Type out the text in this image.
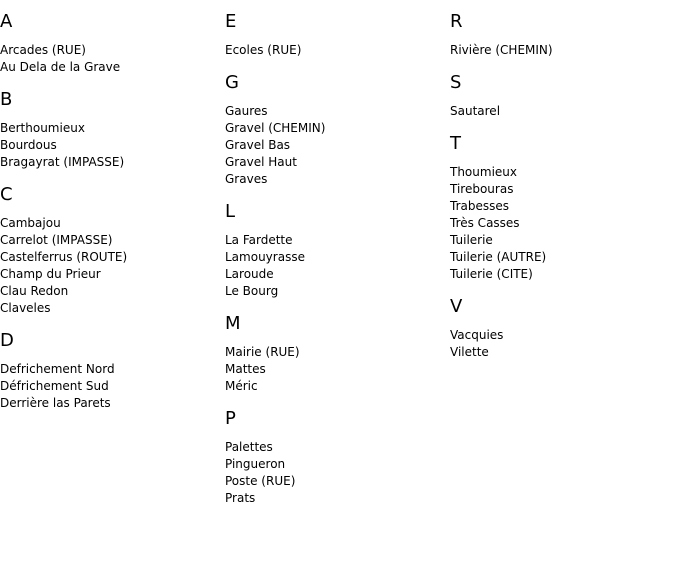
A
Arcades (RUE)
Au Dela de la Grave
B
Berthoumieux
Bourdous
Bragayrat (IMPASSE)
C
Cambajou
Carrelot (IMPASSE)
Castelferrus (ROUTE)
Champ du Prieur
Clau Redon
Claveles
D
Defrichement Nord
Défrichement Sud
Derrière las Parets
E
Ecoles (RUE)
G
Gaures
Gravel (CHEMIN)
Gravel Bas
Gravel Haut
Graves
L
La Fardette
Lamouyrasse
Laroude
Le Bourg
M
Mairie (RUE)
Mattes
Méric
P
Palettes
Pingueron
Poste (RUE)
Prats
R
Rivière (CHEMIN)
S
Sautarel
T
Thoumieux
Tirebouras
Trabesses
Très Casses
Tuilerie
Tuilerie (AUTRE)
Tuilerie (CITE)
V
Vacquies
Vilette
